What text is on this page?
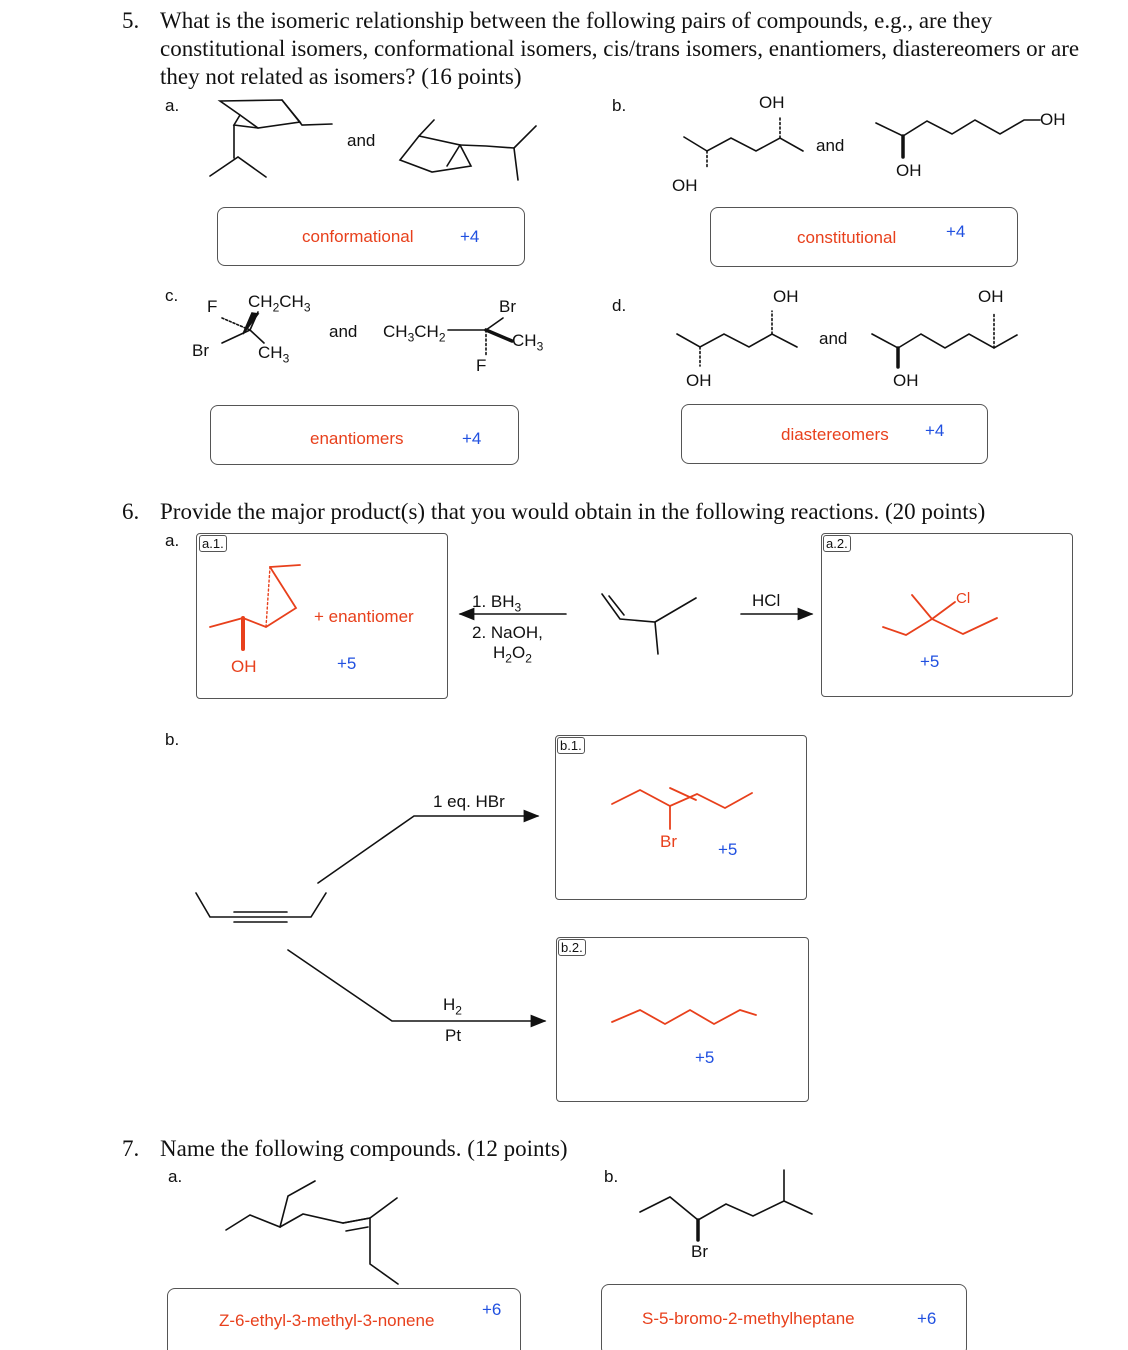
5. What is the isomeric relationship between the following pairs of compounds, e.g., are they
constitutional isomers, conformational isomers, cis/trans isomers, enantiomers, diastereomers or are
they not related as isomers? (16 points)
a.	b.
c.
d.
and	and
and	and
OH
OH
OH
OH
OH	OH
OH	OH
F $CH_2CH_3$
Br	$CH_3$
$CH_3CH_2$
Br
$CH_3$
F
conformational	+4	constitutional	+4
enantiomers	+4	diastereomers +4
6. Provide the major product(s) that you would obtain in the following reactions. (20 points)
a. a.1.
+ enantiomer
OH	+5
1. $BH_3$
2. NaOH,
$H_2O_2$
HCl
a.2.
Cl
+5
b.
1 eq. HBr
$H_2$
Pt
b.1.
Br +5
b.2.
+5
7. Name the following compounds. (12 points)
a.	b.
Br
Z-6-ethyl-3-methyl-3-nonene
+6	S-5-bromo-2-methylheptane	+6
